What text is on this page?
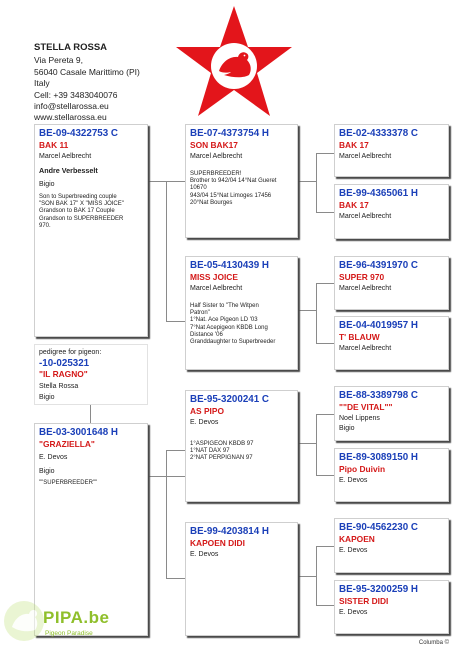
STELLA ROSSA
Via Pereta 9,
56040 Casale Marittimo (PI)
Italy
Cell: +39 3483040076
info@stellarossa.eu
www.stellarossa.eu
BE-09-4322753 C
BAK 11
Marcel Aelbrecht
Andre Verbesselt
Bigio
Son to Superbreeding couple
"SON BAK 17" X "MISS JOICE"
Grandson to BAK 17 Couple
Grandson to SUPERBREEDER
970.
pedigree for pigeon:
-10-025321
"IL RAGNO"
Stella Rossa
Bigio
BE-03-3001648 H
"GRAZIELLA"
E. Devos
Bigio
""SUPERBREEDER""
BE-07-4373754 H
SON BAK17
Marcel Aelbrecht
SUPERBREEDER!
Brother to 942/04 14°Nat Gueret
10670
943/04 15°Nat Limoges 17456
20°Nat Bourges
BE-05-4130439 H
MISS JOICE
Marcel Aelbrecht
Half Sister to "The Witpen
Patron"
1°Nat. Ace Pigeon LD '03
7°Nat Acepigeon KBDB Long
Distance '06
Granddaughter to Superbreeder
BE-95-3200241 C
AS PIPO
E. Devos
1°ASPIGEON KBDB 97
1°NAT DAX 97
2°NAT PERPIGNAN 97
BE-99-4203814 H
KAPOEN DIDI
E. Devos
BE-02-4333378 C
BAK 17
Marcel Aelbrecht
BE-99-4365061 H
BAK 17
Marcel Aelbrecht
BE-96-4391970 C
SUPER 970
Marcel Aelbrecht
BE-04-4019957 H
T' BLAUW
Marcel Aelbrecht
BE-88-3389798 C
""DE VITAL""
Noel Lippens
Bigio
BE-89-3089150 H
Pipo Duivin
E. Devos
BE-90-4562230 C
KAPOEN
E. Devos
BE-95-3200259 H
SISTER DIDI
E. Devos
PIPA.be
Pigeon Paradise
Columba ©
